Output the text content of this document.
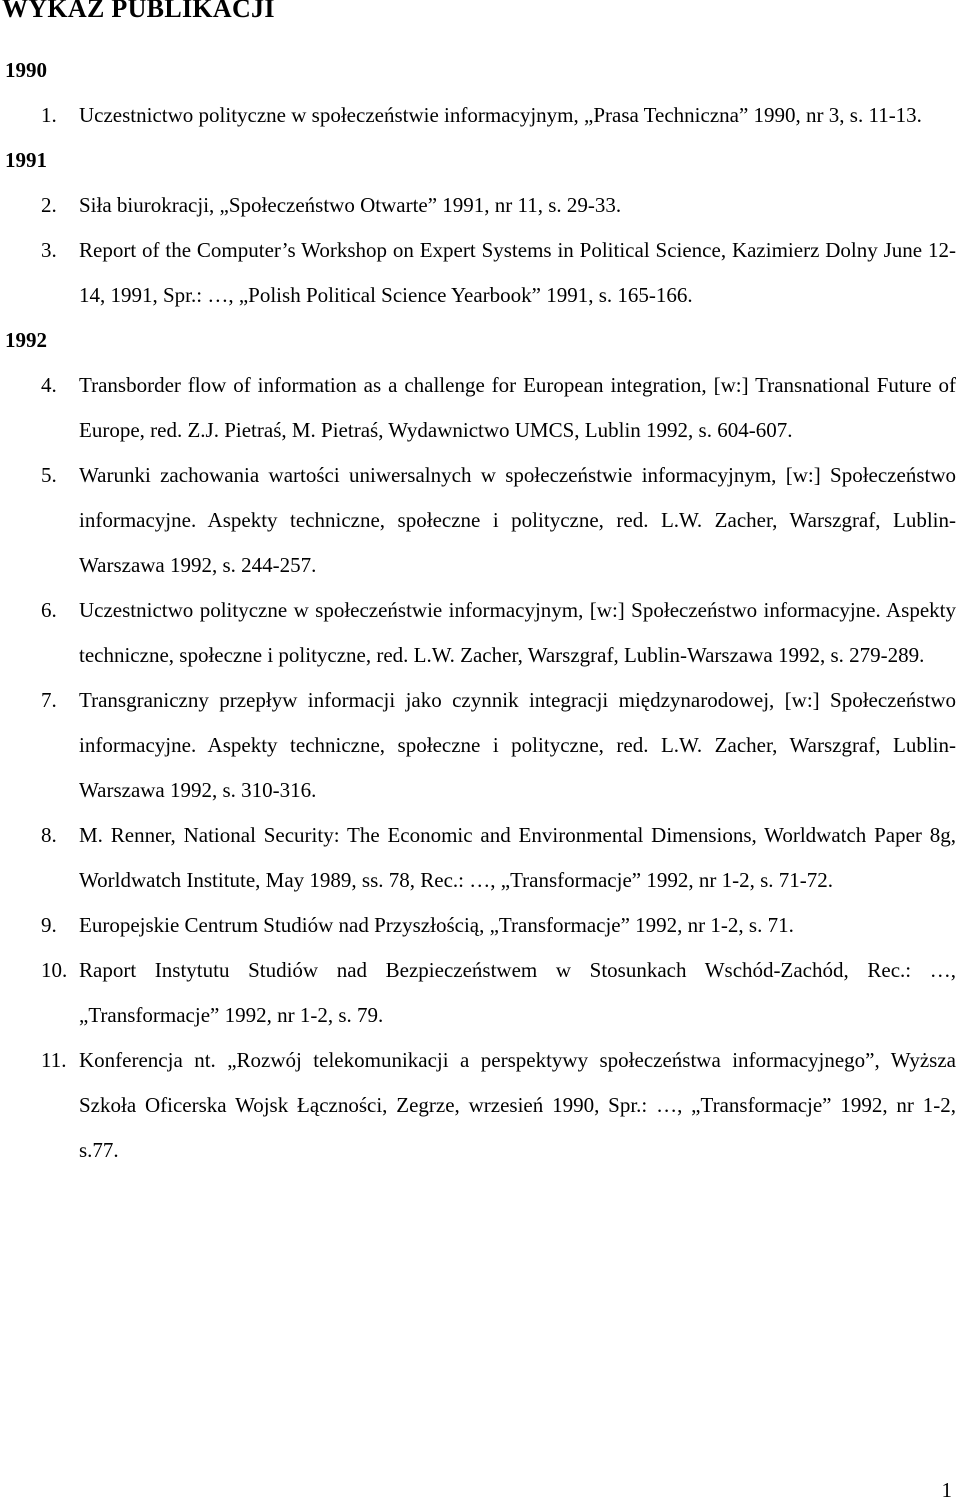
WYKAZ PUBLIKACJI
1990
1.	Uczestnictwo polityczne w społeczeństwie informacyjnym, „Prasa Techniczna” 1990, nr 3, s. 11-13.
1991
2.	Siła biurokracji, „Społeczeństwo Otwarte” 1991, nr 11, s. 29-33.
3.	Report of the Computer’s Workshop on Expert Systems in Political Science, Kazimierz Dolny June 12-14, 1991, Spr.: …, „Polish Political Science Yearbook” 1991, s. 165-166.
1992
4.	Transborder flow of information as a challenge for European integration, [w:] Transnational Future of Europe, red. Z.J. Pietraś, M. Pietraś, Wydawnictwo UMCS, Lublin 1992, s. 604-607.
5.	Warunki zachowania wartości uniwersalnych w społeczeństwie informacyjnym, [w:] Społeczeństwo informacyjne. Aspekty techniczne, społeczne i polityczne, red. L.W. Zacher, Warszgraf, Lublin-Warszawa 1992, s. 244-257.
6.	Uczestnictwo polityczne w społeczeństwie informacyjnym, [w:] Społeczeństwo informacyjne. Aspekty techniczne, społeczne i polityczne, red. L.W. Zacher, Warszgraf, Lublin-Warszawa 1992, s. 279-289.
7.	Transgraniczny przepływ informacji jako czynnik integracji międzynarodowej, [w:] Społeczeństwo informacyjne. Aspekty techniczne, społeczne i polityczne, red. L.W. Zacher, Warszgraf, Lublin-Warszawa 1992, s. 310-316.
8.	M. Renner, National Security: The Economic and Environmental Dimensions, Worldwatch Paper 8g, Worldwatch Institute, May 1989, ss. 78, Rec.: …, „Transformacje” 1992, nr 1-2, s. 71-72.
9.	Europejskie Centrum Studiów nad Przyszłością, „Transformacje” 1992, nr 1-2, s. 71.
10. Raport Instytutu Studiów nad Bezpieczeństwem w Stosunkach Wschód-Zachód, Rec.: …, „Transformacje” 1992, nr 1-2, s. 79.
11. Konferencja nt. „Rozwój telekomunikacji a perspektywy społeczeństwa informacyjnego”, Wyższa Szkoła Oficerska Wojsk Łączności, Zegrze, wrzesień 1990, Spr.: …, „Transformacje” 1992, nr 1-2, s.77.
1
